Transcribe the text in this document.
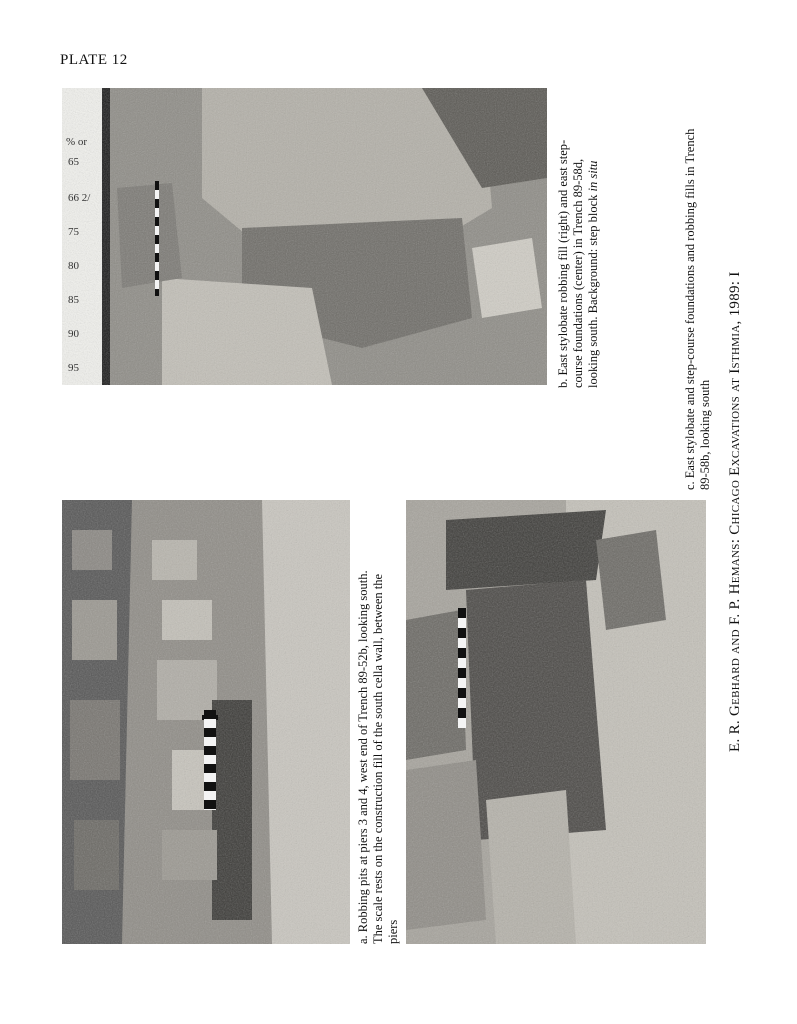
PLATE 12
% or
65
66 2/
75
80
85
90
95	b. East stylobate robbing fill (right) and east step- course foundations (center) in Trench 89-58d, looking south. Background: step block in situ
a. Robbing pits at piers 3 and 4, west end of Trench 89-52b, looking south. The scale rests on the construction fill of the south cella wall, between the piers
c. East stylobate and step-course foundations and robbing fills in Trench 89-58b, looking south
E. R. Gebhard and F. P. Hemans: Chicago Excavations at Isthmia, 1989: I
